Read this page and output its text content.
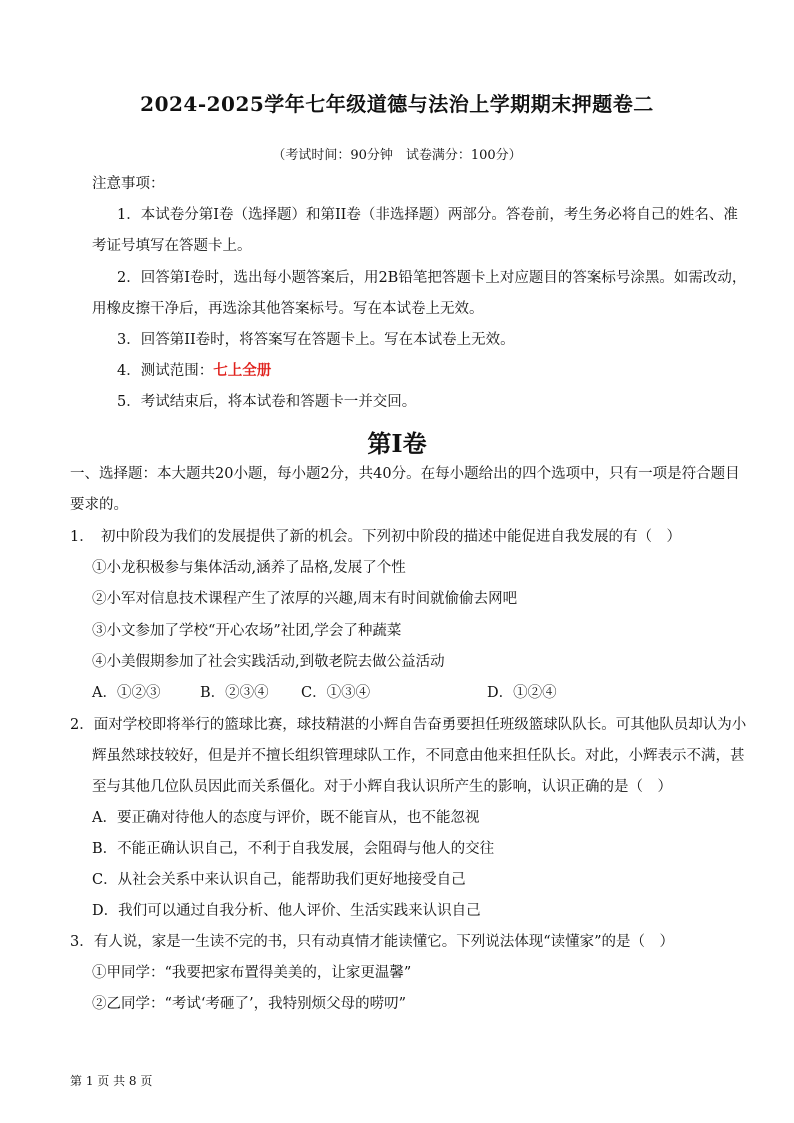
2024-2025学年七年级道德与法治上学期期末押题卷二
（考试时间：90分钟　试卷满分：100分）
注意事项：
1．本试卷分第I卷（选择题）和第II卷（非选择题）两部分。答卷前，考生务必将自己的姓名、准
考证号填写在答题卡上。
2．回答第I卷时，选出每小题答案后，用2B铅笔把答题卡上对应题目的答案标号涂黑。如需改动，
用橡皮擦干净后，再选涂其他答案标号。写在本试卷上无效。
3．回答第II卷时，将答案写在答题卡上。写在本试卷上无效。
4．测试范围：七上全册
5．考试结束后，将本试卷和答题卡一并交回。
第I卷
一、选择题：本大题共20小题，每小题2分，共40分。在每小题给出的四个选项中，只有一项是符合题目
要求的。
1．　初中阶段为我们的发展提供了新的机会。下列初中阶段的描述中能促进自我发展的有（　）
①小龙积极参与集体活动,涵养了品格,发展了个性
②小军对信息技术课程产生了浓厚的兴趣,周末有时间就偷偷去网吧
③小文参加了学校“开心农场”社团,学会了种蔬菜
④小美假期参加了社会实践活动,到敬老院去做公益活动
A．①②③	B．②③④ C．①③④	D．①②④
2．面对学校即将举行的篮球比赛，球技精湛的小辉自告奋勇要担任班级篮球队队长。可其他队员却认为小
辉虽然球技较好，但是并不擅长组织管理球队工作，不同意由他来担任队长。对此，小辉表示不满，甚
至与其他几位队员因此而关系僵化。对于小辉自我认识所产生的影响，认识正确的是（　）
A．要正确对待他人的态度与评价，既不能盲从，也不能忽视
B．不能正确认识自己，不利于自我发展，会阻碍与他人的交往
C．从社会关系中来认识自己，能帮助我们更好地接受自己
D．我们可以通过自我分析、他人评价、生活实践来认识自己
3．有人说，家是一生读不完的书，只有动真情才能读懂它。下列说法体现“读懂家”的是（　）
①甲同学：“我要把家布置得美美的，让家更温馨”
②乙同学：“考试‘考砸了’，我特别烦父母的唠叨”
第 1 页 共 8 页
